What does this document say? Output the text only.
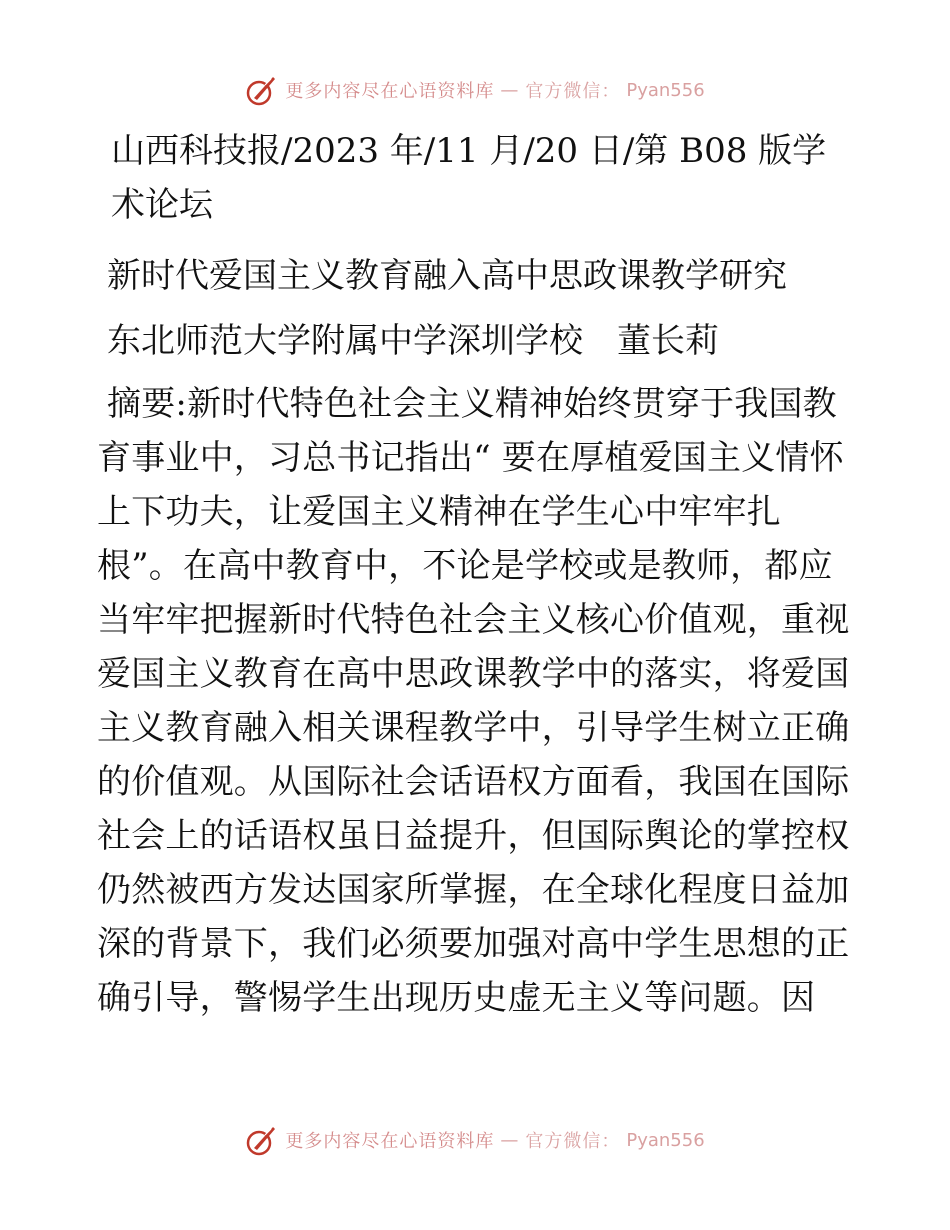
更多内容尽在心语资料库 — 官方微信： Pyan556

山西科技报/2023 年/11 月/20 日/第 B08 版学术论坛

新时代爱国主义教育融入高中思政课教学研究

东北师范大学附属中学深圳学校　董长莉

摘要:新时代特色社会主义精神始终贯穿于我国教育事业中，习总书记指出“ 要在厚植爱国主义情怀上下功夫，让爱国主义精神在学生心中牢牢扎根”。在高中教育中，不论是学校或是教师，都应当牢牢把握新时代特色社会主义核心价值观，重视爱国主义教育在高中思政课教学中的落实，将爱国主义教育融入相关课程教学中，引导学生树立正确的价值观。从国际社会话语权方面看，我国在国际社会上的话语权虽日益提升，但国际舆论的掌控权仍然被西方发达国家所掌握，在全球化程度日益加深的背景下，我们必须要加强对高中学生思想的正确引导，警惕学生出现历史虚无主义等问题。因

更多内容尽在心语资料库 — 官方微信： Pyan556
